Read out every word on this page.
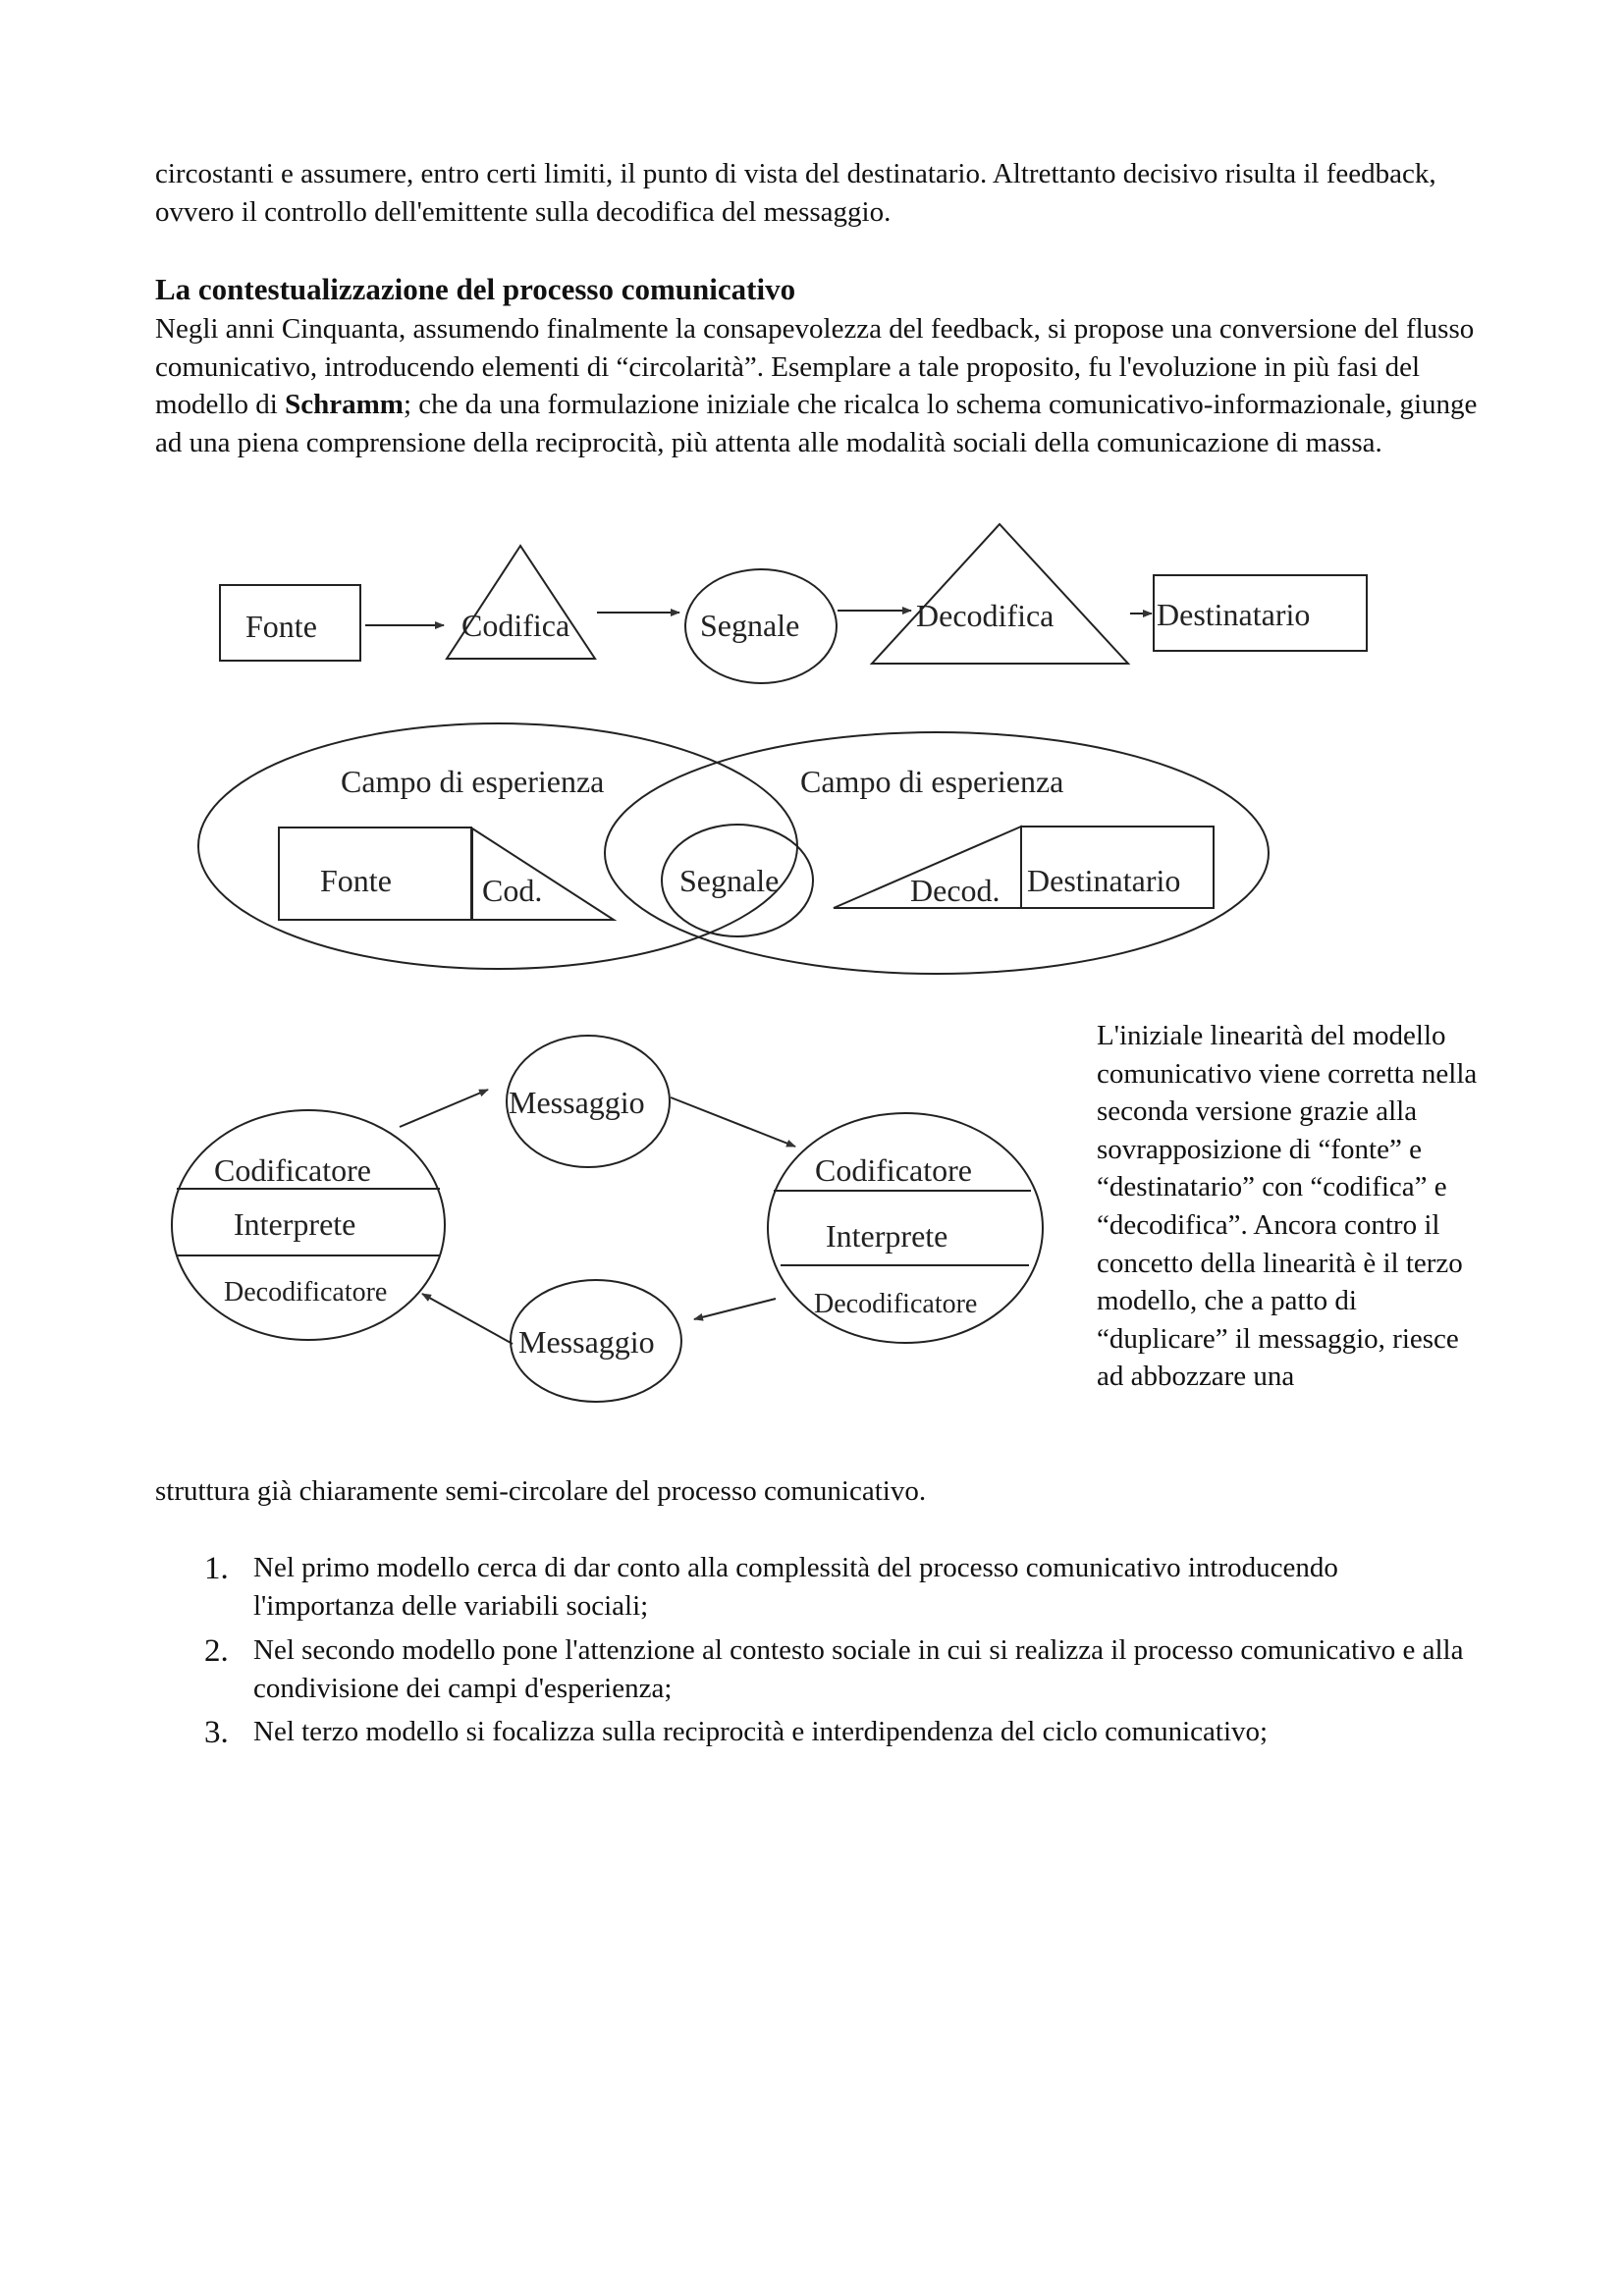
circostanti e assumere, entro certi limiti, il punto di vista del destinatario. Altrettanto decisivo risulta il feedback, ovvero il controllo dell'emittente sulla decodifica del messaggio.
La contestualizzazione del processo comunicativo
Negli anni Cinquanta, assumendo finalmente la consapevolezza del feedback, si propose una conversione del flusso comunicativo, introducendo elementi di “circolarità”. Esemplare a tale proposito, fu l'evoluzione in più fasi del modello di Schramm; che da una formulazione iniziale che ricalca lo schema comunicativo-informazionale, giunge ad una piena comprensione della reciprocità, più attenta alle modalità sociali della comunicazione di massa.
Fonte	Codifica	Segnale	Decodifica	Destinatario
Campo di esperienza	Campo di esperienza
Fonte	Cod.	Segnale	Decod. Destinatario
Messaggio
Messaggio
Codificatore
Interprete
Decodificatore
Codificatore
Interprete
Decodificatore
L'iniziale linearità del modello comunicativo viene corretta nella seconda versione grazie alla sovrapposizione di “fonte” e “destinatario” con “codifica” e “decodifica”. Ancora contro il concetto della linearità è il terzo modello, che a patto di “duplicare” il messaggio, riesce ad abbozzare una
struttura già chiaramente semi-circolare del processo comunicativo.
1. Nel primo modello cerca di dar conto alla complessità del processo comunicativo introducendo l'importanza delle variabili sociali;
2. Nel secondo modello pone l'attenzione al contesto sociale in cui si realizza il processo comunicativo e alla condivisione dei campi d'esperienza;
3. Nel terzo modello si focalizza sulla reciprocità e interdipendenza del ciclo comunicativo;
